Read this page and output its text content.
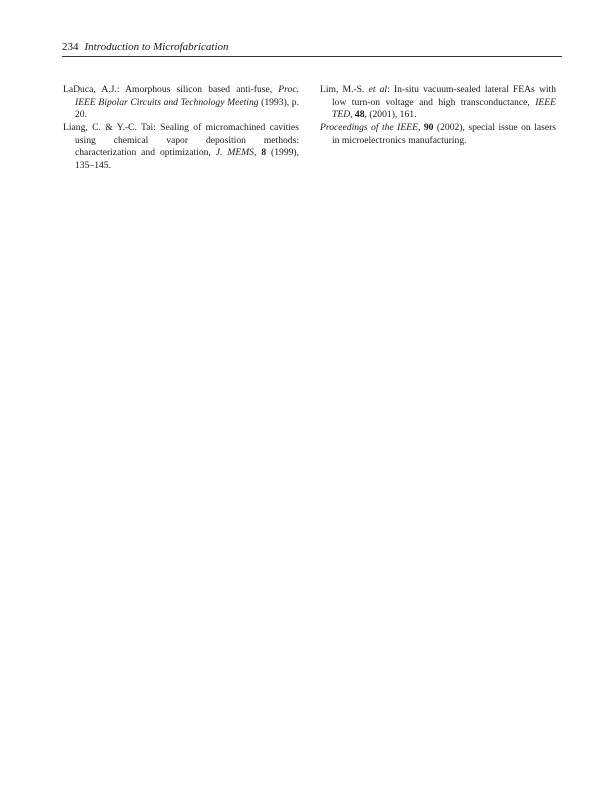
234 Introduction to Microfabrication

LaDuca, A.J.: Amorphous silicon based anti-fuse, Proc. IEEE Bipolar Circuits and Technology Meeting (1993), p. 20.

Liang, C. & Y.-C. Tai: Sealing of micromachined cavities using chemical vapor deposition methods: characterization and optimization, J. MEMS, 8 (1999), 135–145.

Lim, M.-S. et al: In-situ vacuum-sealed lateral FEAs with low turn-on voltage and high transconductance, IEEE TED, 48, (2001), 161.

Proceedings of the IEEE, 90 (2002), special issue on lasers in microelectronics manufacturing.
